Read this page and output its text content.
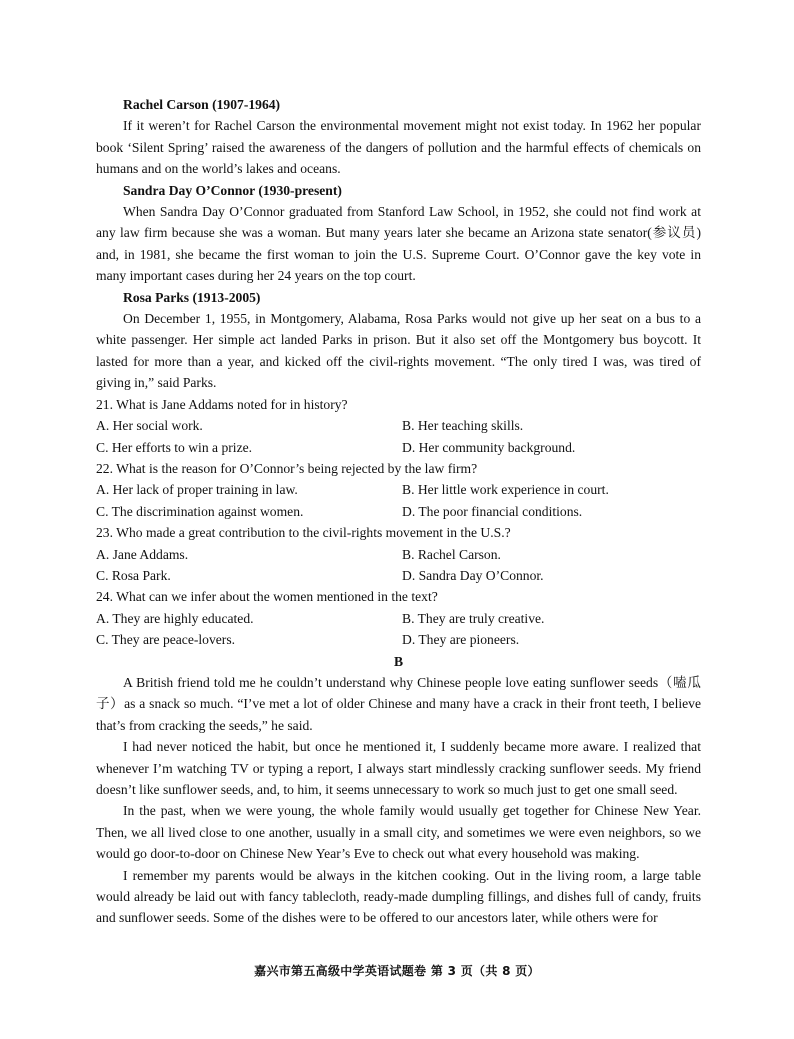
Rachel Carson (1907-1964)
If it weren’t for Rachel Carson the environmental movement might not exist today. In 1962 her popular
book ‘Silent Spring’ raised the awareness of the dangers of pollution and the harmful effects of chemicals on
humans and on the world’s lakes and oceans.
Sandra Day O’Connor (1930-present)
When Sandra Day O’Connor graduated from Stanford Law School, in 1952, she could not find work at
any law firm because she was a woman. But many years later she became an Arizona state senator(参议员)
and, in 1981, she became the first woman to join the U.S. Supreme Court. O’Connor gave the key vote in
many important cases during her 24 years on the top court.
Rosa Parks (1913-2005)
On December 1, 1955, in Montgomery, Alabama, Rosa Parks would not give up her seat on a bus to a
white passenger. Her simple act landed Parks in prison. But it also set off the Montgomery bus boycott. It
lasted for more than a year, and kicked off the civil-rights movement. “The only tired I was, was tired of
giving in,” said Parks.
21. What is Jane Addams noted for in history?
A. Her social work.	B. Her teaching skills.
C. Her efforts to win a prize.	D. Her community background.
22. What is the reason for O’Connor’s being rejected by the law firm?
A. Her lack of proper training in law.	B. Her little work experience in court.
C. The discrimination against women.	D. The poor financial conditions.
23. Who made a great contribution to the civil-rights movement in the U.S.?
A. Jane Addams.	B. Rachel Carson.
C. Rosa Park.	D. Sandra Day O’Connor.
24. What can we infer about the women mentioned in the text?
A. They are highly educated.	B. They are truly creative.
C. They are peace-lovers.	D. They are pioneers.
B
A British friend told me he couldn’t understand why Chinese people love eating sunflower seeds（嗑瓜
子）as a snack so much. “I’ve met a lot of older Chinese and many have a crack in their front teeth, I believe
that’s from cracking the seeds,” he said.
I had never noticed the habit, but once he mentioned it, I suddenly became more aware. I realized that
whenever I’m watching TV or typing a report, I always start mindlessly cracking sunflower seeds. My friend
doesn’t like sunflower seeds, and, to him, it seems unnecessary to work so much just to get one small seed.
In the past, when we were young, the whole family would usually get together for Chinese New Year.
Then, we all lived close to one another, usually in a small city, and sometimes we were even neighbors, so we
would go door-to-door on Chinese New Year’s Eve to check out what every household was making.
I remember my parents would be always in the kitchen cooking. Out in the living room, a large table
would already be laid out with fancy tablecloth, ready-made dumpling fillings, and dishes full of candy, fruits
and sunflower seeds. Some of the dishes were to be offered to our ancestors later, while others were for
嘉兴市第五高级中学英语试题卷 第 3 页（共 8 页）
